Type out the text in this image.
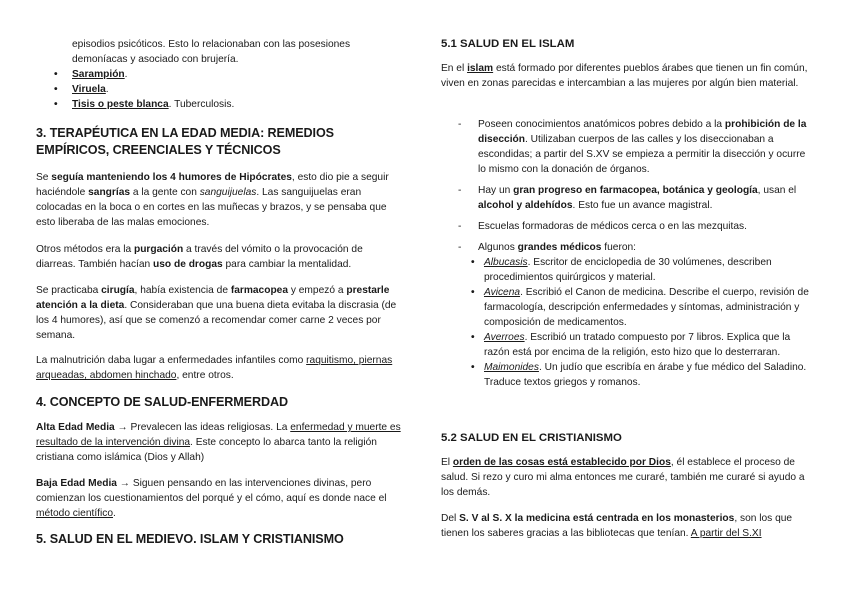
episodios psicóticos. Esto lo relacionaban con las posesiones demoníacas y asociado con brujería.

• Sarampión.
• Viruela.
• Tisis o peste blanca. Tuberculosis.
3. TERAPÉUTICA EN LA EDAD MEDIA: REMEDIOS EMPÍRICOS, CREENCIALES Y TÉCNICOS

Se seguía manteniendo los 4 humores de Hipócrates, esto dio pie a seguir haciéndole sangrías a la gente con sanguijuelas. Las sanguijuelas eran colocadas en la boca o en cortes en las muñecas y brazos, y se pensaba que esto liberaba de las malas emociones.

Otros métodos era la purgación a través del vómito o la provocación de diarreas. También hacían uso de drogas para cambiar la mentalidad.

Se practicaba cirugía, había existencia de farmacopea y empezó a prestarle atención a la dieta. Consideraban que una buena dieta evitaba la discrasia (de los 4 humores), así que se comenzó a recomendar comer carne 2 veces por semana.

La malnutrición daba lugar a enfermedades infantiles como raquitismo, piernas arqueadas, abdomen hinchado, entre otros.

4. CONCEPTO DE SALUD-ENFERMERDAD

Alta Edad Media → Prevalecen las ideas religiosas. La enfermedad y muerte es resultado de la intervención divina. Este concepto lo abarca tanto la religión cristiana como islámica (Dios y Allah)

Baja Edad Media → Siguen pensando en las intervenciones divinas, pero comienzan los cuestionamientos del porqué y el cómo, aquí es donde nace el método científico.

5. SALUD EN EL MEDIEVO. ISLAM Y CRISTIANISMO
5.1 SALUD EN EL ISLAM

En el islam está formado por diferentes pueblos árabes que tienen un fin común, viven en zonas parecidas e intercambian a las mujeres por algún bien material.

- Poseen conocimientos anatómicos pobres debido a la prohibición de la disección. Utilizaban cuerpos de las calles y los diseccionaban a escondidas; a partir del S.XV se empieza a permitir la disección y ocurre lo mismo con la donación de órganos.
- Hay un gran progreso en farmacopea, botánica y geología, usan el alcohol y aldehídos. Esto fue un avance magistral.
- Escuelas formadoras de médicos cerca o en las mezquitas.
- Algunos grandes médicos fueron:
• Albucasis. Escritor de enciclopedia de 30 volúmenes, describen procedimientos quirúrgicos y material.
• Avicena. Escribió el Canon de medicina. Describe el cuerpo, revisión de farmacología, descripción enfermedades y síntomas, administración y composición de medicamentos.
• Averroes. Escribió un tratado compuesto por 7 libros. Explica que la razón está por encima de la religión, esto hizo que lo desterraran.
• Maimonides. Un judío que escribía en árabe y fue médico del Saladino. Traduce textos griegos y romanos.
5.2 SALUD EN EL CRISTIANISMO

El orden de las cosas está establecido por Dios, él establece el proceso de salud. Si rezo y curo mi alma entonces me curaré, también me curaré si ayudo a los demás.

Del S. V al S. X la medicina está centrada en los monasterios, son los que tienen los saberes gracias a las bibliotecas que tenían. A partir del S.XI
